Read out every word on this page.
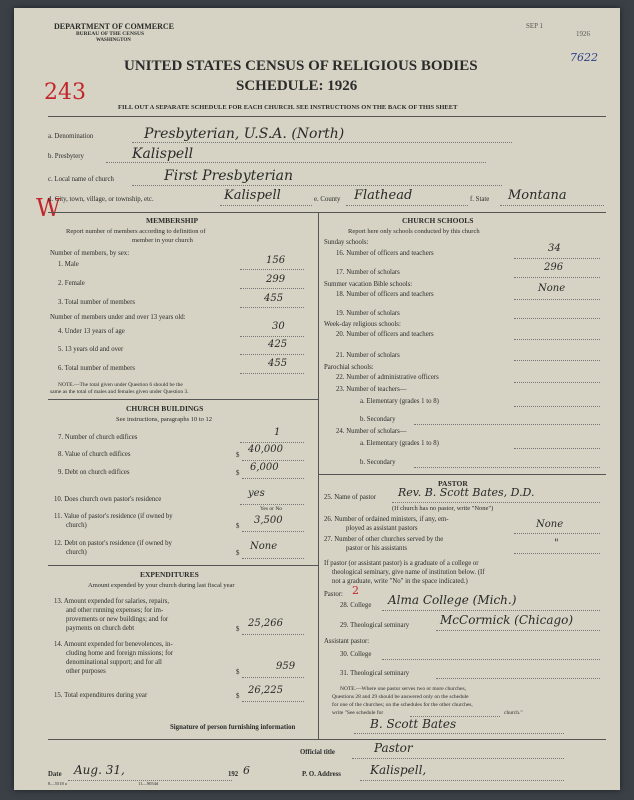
DEPARTMENT OF COMMERCE
BUREAU OF THE CENSUS
WASHINGTON
SEP 1
1926
7622
243
W
UNITED STATES CENSUS OF RELIGIOUS BODIES
SCHEDULE: 1926
FILL OUT A SEPARATE SCHEDULE FOR EACH CHURCH. SEE INSTRUCTIONS ON THE BACK OF THIS SHEET
a. Denomination	Presbyterian, U.S.A. (North)
b. Presbytery	Kalispell
c. Local name of church	First Presbyterian
d. City, town, village, or township, etc.	Kalispell	e. County Flathead	f. State Montana
MEMBERSHIP
Report number of members according to definition of
member in your church
Number of members, by sex:
1. Male	156
2. Female	299
3. Total number of members	455
Number of members under and over 13 years old:
4. Under 13 years of age	30
5. 13 years old and over	425
6. Total number of members	455
NOTE.—The total given under Question 6 should be the
same as the total of males and females given under Question 3.
CHURCH BUILDINGS
See instructions, paragraphs 10 to 12
7. Number of church edifices	1
8. Value of church edifices	$
40,000
9. Debt on church edifices	$
6,000
10. Does church own pastor's residence
yes
Yes or No
11. Value of pastor's residence (if owned by
church)	$
3,500
12. Debt on pastor's residence (if owned by
church)	$
None
EXPENDITURES
Amount expended by your church during last fiscal year
13. Amount expended for salaries, repairs,
and other running expenses; for im-
provements or new buildings; and for
payments on church debt	$
25,266
14. Amount expended for benevolences, in-
cluding home and foreign missions; for
denominational support; and for all
other purposes	$
959
15. Total expenditures during year	$
26,225
CHURCH SCHOOLS
Report here only schools conducted by this church
Sunday schools:
16. Number of officers and teachers	34
17. Number of scholars	296
Summer vacation Bible schools:
18. Number of officers and teachers
None
19. Number of scholars
Week-day religious schools:
20. Number of officers and teachers
21. Number of scholars
Parochial schools:
22. Number of administrative officers
23. Number of teachers—
a. Elementary (grades 1 to 8)
b. Secondary
24. Number of scholars—
a. Elementary (grades 1 to 8)
b. Secondary
PASTOR
25. Name of pastor Rev. B. Scott Bates, D.D.
(If church has no pastor, write "None")
26. Number of ordained ministers, if any, em-
ployed as assistant pastors	None
27. Number of other churches served by the
pastor or his assistants	"
If pastor (or assistant pastor) is a graduate of a college or
theological seminary, give name of institution below. (If
not a graduate, write "No" in the space indicated.)
Pastor: 2
28. College Alma College (Mich.)
29. Theological seminary	McCormick (Chicago)
Assistant pastor:
30. College
31. Theological seminary
NOTE.—Where one pastor serves two or more churches,
Questions 28 and 29 should be answered only on the schedule
for one of the churches; on the schedules for the other churches,
write "See schedule for	church."
Signature of person furnishing information	B. Scott Bates
Official title	Pastor
Date Aug. 31,	192 6	P. O. Address Kalispell,
8—5518 a	11—9054d
